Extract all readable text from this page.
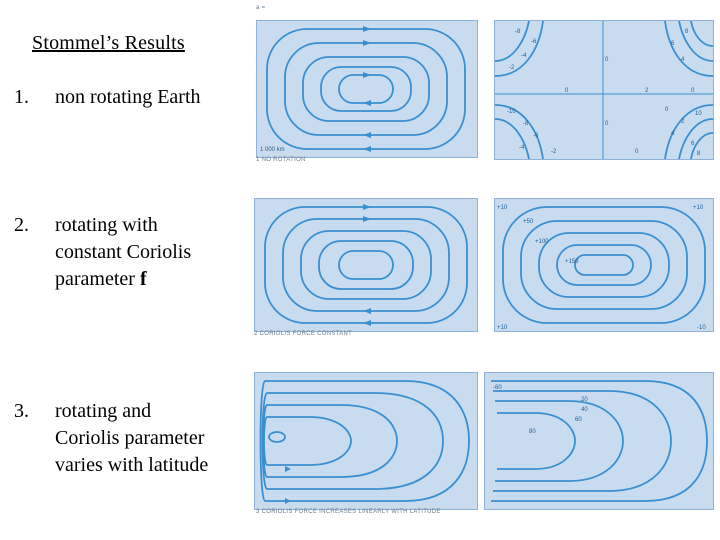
Stommel’s Results
1. non rotating Earth
2. rotating with
constant Coriolis
parameter f
3. rotating and
Coriolis parameter
varies with latitude
1 000 km
a =
1 NO ROTATION
-8
-6
-4
-2
0	2
0
0
0
8
6
4
-10
-8
-6
-4
-2	0
0
2
4
6
8
10
2 CORIOLIS FORCE CONSTANT
+10
+50
+100
+150
+10
+10	-10
3 CORIOLIS FORCE INCREASES LINEARLY WITH LATITUDE
-60
20
40
60
80
